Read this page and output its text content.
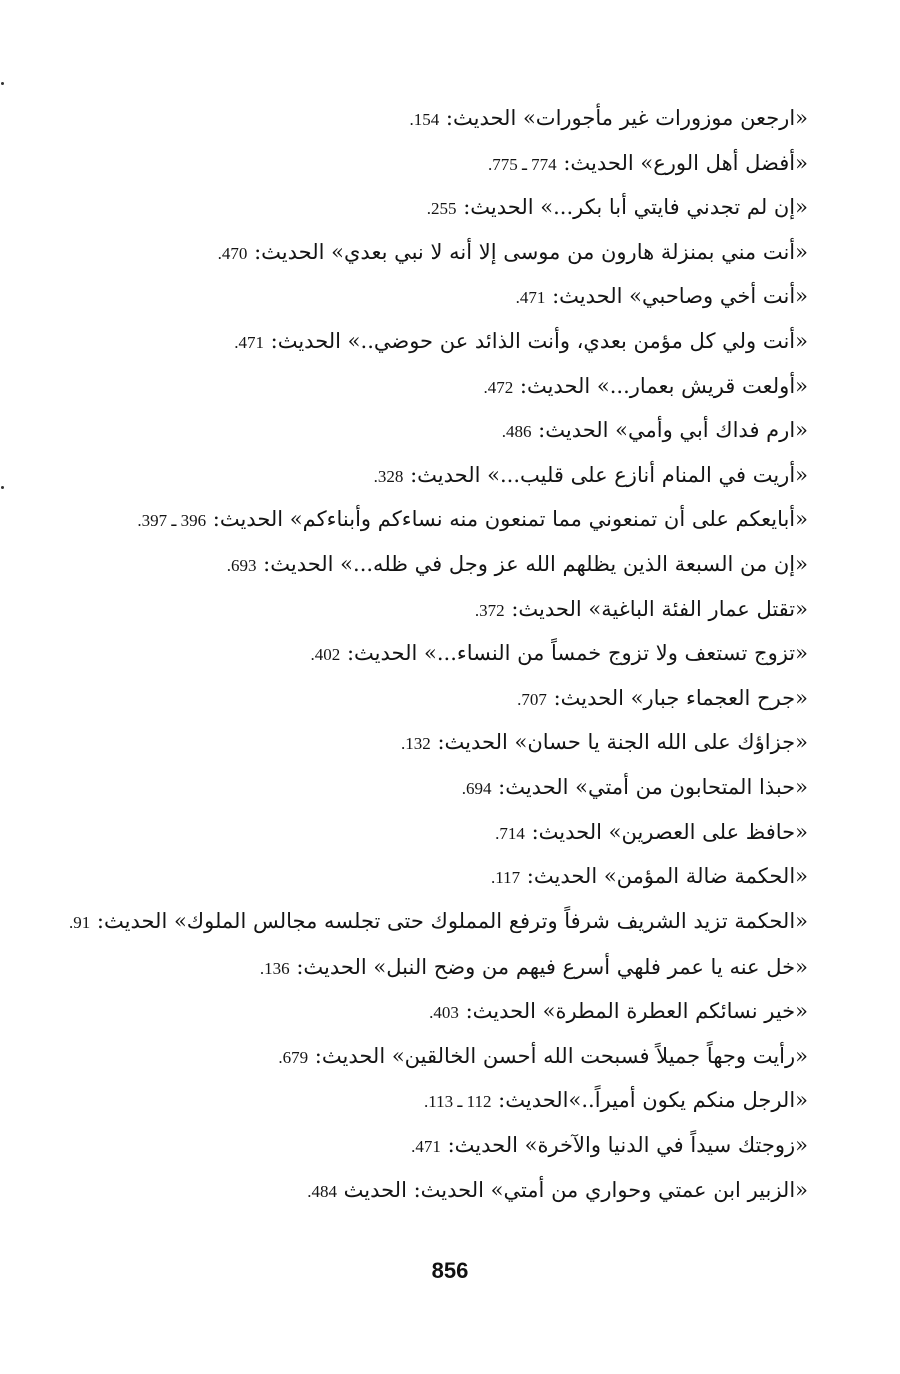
«ارجعن موزورات غير مأجورات» الحديث: 154.
«أفضل أهل الورع» الحديث: 774 ـ 775.
«إن لم تجدني فايتي أبا بكر...» الحديث: 255.
«أنت مني بمنزلة هارون من موسى إلا أنه لا نبي بعدي» الحديث: 470.
«أنت أخي وصاحبي» الحديث: 471.
«أنت ولي كل مؤمن بعدي، وأنت الذائد عن حوضي..» الحديث: 471.
«أولعت قريش بعمار...» الحديث: 472.
«ارم فداك أبي وأمي» الحديث: 486.
«أريت في المنام أنازع على قليب...» الحديث: 328.
«أبايعكم على أن تمنعوني مما تمنعون منه نساءكم وأبناءكم» الحديث: 396 ـ 397.
«إن من السبعة الذين يظلهم الله عز وجل في ظله...» الحديث: 693.
«تقتل عمار الفئة الباغية» الحديث: 372.
«تزوج تستعف ولا تزوج خمساً من النساء...» الحديث: 402.
«جرح العجماء جبار» الحديث: 707.
«جزاؤك على الله الجنة يا حسان» الحديث: 132.
«حبذا المتحابون من أمتي» الحديث: 694.
«حافظ على العصرين» الحديث: 714.
«الحكمة ضالة المؤمن» الحديث: 117.
«الحكمة تزيد الشريف شرفاً وترفع المملوك حتى تجلسه مجالس الملوك» الحديث: 91.
«خل عنه يا عمر فلهي أسرع فيهم من وضح النبل» الحديث: 136.
«خير نسائكم العطرة المطرة» الحديث: 403.
«رأيت وجهاً جميلاً فسبحت الله أحسن الخالقين» الحديث: 679.
«الرجل منكم يكون أميراً..»الحديث: 112 ـ 113.
«زوجتك سيداً في الدنيا والآخرة» الحديث: 471.
«الزبير ابن عمتي وحواري من أمتي» الحديث: الحديث 484.
856
